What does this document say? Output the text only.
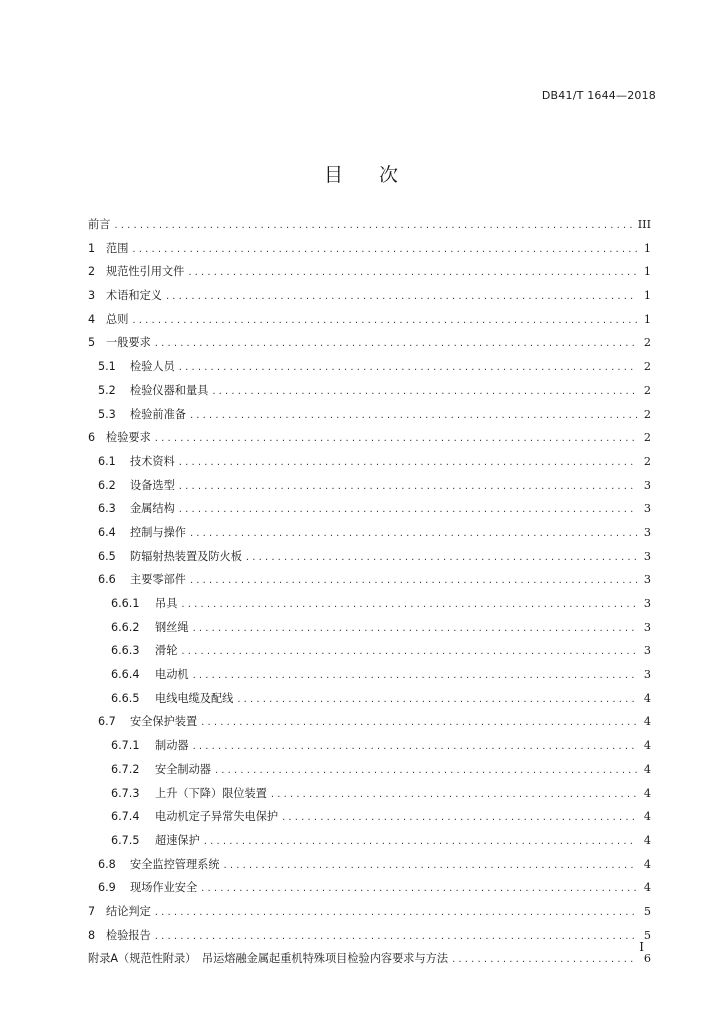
DB41/T 1644—2018
目 次
前言 . . .	III
1 范围 . . .	1
2 规范性引用文件 . . .	1
3 术语和定义 . . .	1
4 总则 . . .	1
5 一般要求 . . .	2
5.1	检验人员 . . .	2
5.2	检验仪器和量具 . . .	2
5.3	检验前准备 . . .	2
6 检验要求 . . .	2
6.1	技术资料 . . .	2
6.2	设备选型 . . .	3
6.3	金属结构 . . .	3
6.4	控制与操作 . . .	3
6.5	防辐射热装置及防火板 . . .	3
6.6	主要零部件 . . .	3
6.6.1	吊具 . . .	3
6.6.2	钢丝绳 . . .	3
6.6.3	滑轮 . . .	3
6.6.4	电动机 . . .	3
6.6.5	电线电缆及配线 . . .	4
6.7	安全保护装置 . . .	4
6.7.1	制动器 . . .	4
6.7.2	安全制动器 . . .	4
6.7.3	上升（下降）限位装置 . . .	4
6.7.4	电动机定子异常失电保护 . . .	4
6.7.5	超速保护 . . .	4
6.8	安全监控管理系统 . . .	4
6.9	现场作业安全 . . .	4
7 结论判定 . . .	5
8 检验报告 . . .	5
附录A（规范性附录）　吊运熔融金属起重机特殊项目检验内容要求与方法 . . .	6
I
